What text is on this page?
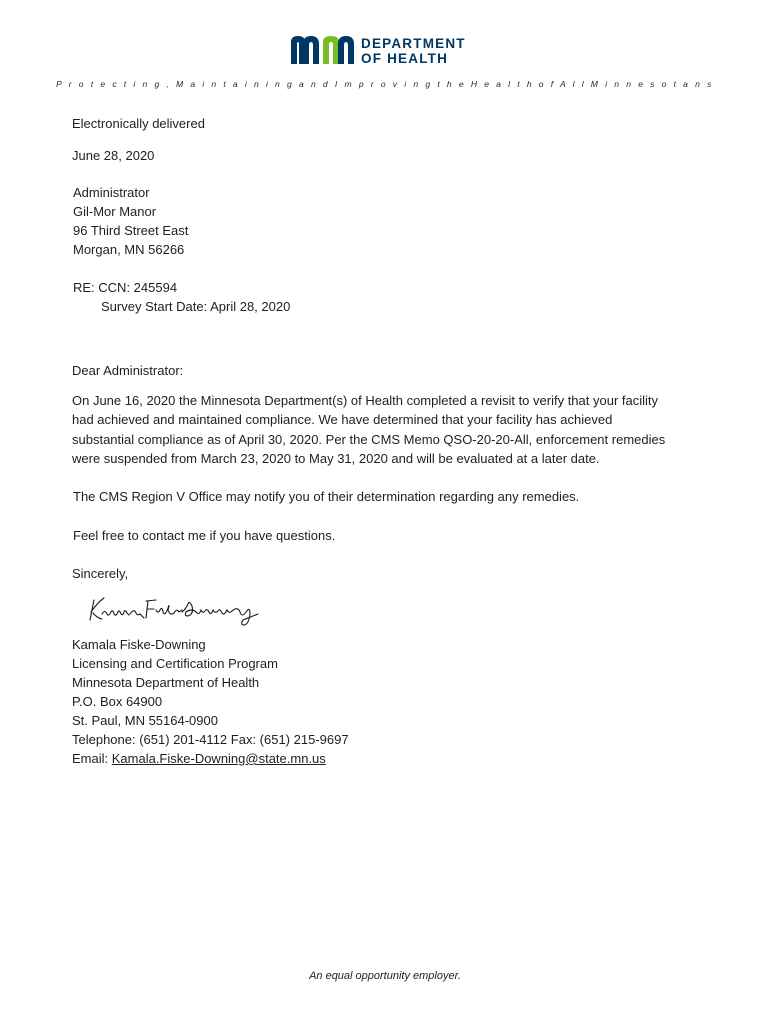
DEPARTMENT
OF HEALTH
P r o t e c t i n g , M a i n t a i n i n g a n d I m p r o v i n g t h e H e a l t h o f A l l M i n n e s o t a n s
Electronically delivered
June 28, 2020
Administrator
Gil-Mor Manor
96 Third Street East
Morgan, MN 56266
RE: CCN: 245594
Survey Start Date: April 28, 2020
Dear Administrator:
On June 16, 2020 the Minnesota Department(s) of Health completed a revisit to verify that your facility
had achieved and maintained compliance. We have determined that your facility has achieved
substantial compliance as of April 30, 2020. Per the CMS Memo QSO-20-20-All, enforcement remedies
were suspended from March 23, 2020 to May 31, 2020 and will be evaluated at a later date.
The CMS Region V Office may notify you of their determination regarding any remedies.
Feel free to contact me if you have questions.
Sincerely,
Kamala Fiske-Downing
Licensing and Certification Program
Minnesota Department of Health
P.O. Box 64900
St. Paul, MN 55164-0900
Telephone: (651) 201-4112 Fax: (651) 215-9697
Email: Kamala.Fiske-Downing@state.mn.us
An equal opportunity employer.
